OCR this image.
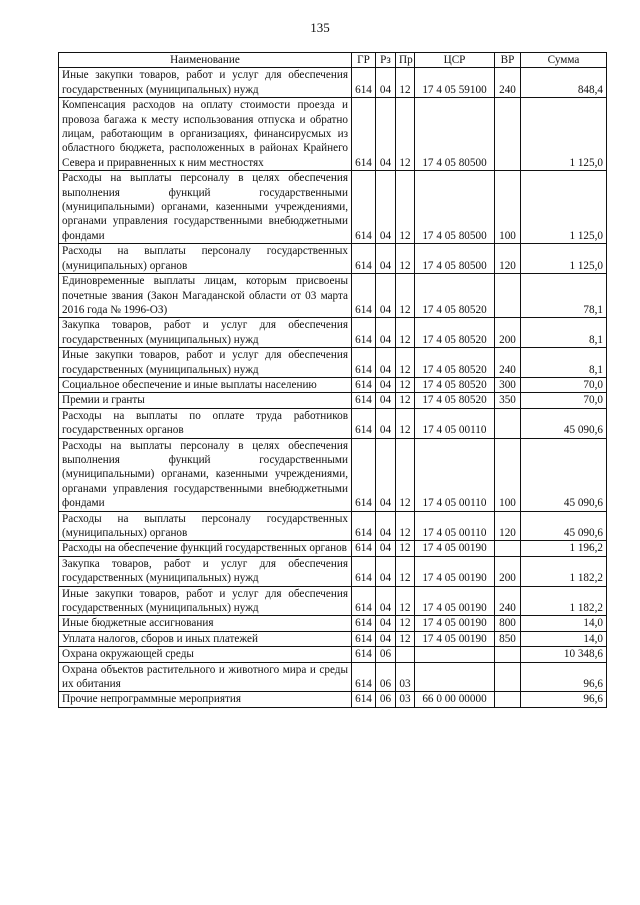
135
Наименование	ГР	Рз	Пр	ЦСР	ВР	Сумма
Иные закупки товаров, работ и услуг для обеспечения государственных (муниципальных) нужд	614	04	12	17 4 05 59100	240	848,4
Компенсация расходов на оплату стоимости проезда и провоза багажа к месту использования отпуска и обратно лицам, работающим в организациях, финансирусмых из областного бюджета, расположенных в районах Крайнего Севера и приравненных к ним местностях	614	04	12	17 4 05 80500		1 125,0
Расходы на выплаты персоналу в целях обеспечения выполнения функций государственными (муниципальными) органами, казенными учреждениями, органами управления государственными внебюджетными фондами	614	04	12	17 4 05 80500	100	1 125,0
Расходы на выплаты персоналу государственных (муниципальных) органов	614	04	12	17 4 05 80500	120	1 125,0
Единовременные выплаты лицам, которым присвоены почетные звания (Закон Магаданской области от 03 марта 2016 года № 1996-ОЗ)	614	04	12	17 4 05 80520		78,1
Закупка товаров, работ и услуг для обеспечения государственных (муниципальных) нужд	614	04	12	17 4 05 80520	200	8,1
Иные закупки товаров, работ и услуг для обеспечения государственных (муниципальных) нужд	614	04	12	17 4 05 80520	240	8,1
Социальное обеспечение и иные выплаты населению	614	04	12	17 4 05 80520	300	70,0
Премии и гранты	614	04	12	17 4 05 80520	350	70,0
Расходы на выплаты по оплате труда работников государственных органов	614	04	12	17 4 05 00110		45 090,6
Расходы на выплаты персоналу в целях обеспечения выполнения функций государственными (муниципальными) органами, казенными учреждениями, органами управления государственными внебюджетными фондами	614	04	12	17 4 05 00110	100	45 090,6
Расходы на выплаты персоналу государственных (муниципальных) органов	614	04	12	17 4 05 00110	120	45 090,6
Расходы на обеспечение функций государственных органов	614	04	12	17 4 05 00190		1 196,2
Закупка товаров, работ и услуг для обеспечения государственных (муниципальных) нужд	614	04	12	17 4 05 00190	200	1 182,2
Иные закупки товаров, работ и услуг для обеспечения государственных (муниципальных) нужд	614	04	12	17 4 05 00190	240	1 182,2
Иные бюджетные ассигнования	614	04	12	17 4 05 00190	800	14,0
Уплата налогов, сборов и иных платежей	614	04	12	17 4 05 00190	850	14,0
Охрана окружающей среды	614	06				10 348,6
Охрана объектов растительного и животного мира и среды их обитания	614	06	03			96,6
Прочие непрограммные мероприятия	614	06	03	66 0 00 00000		96,6
